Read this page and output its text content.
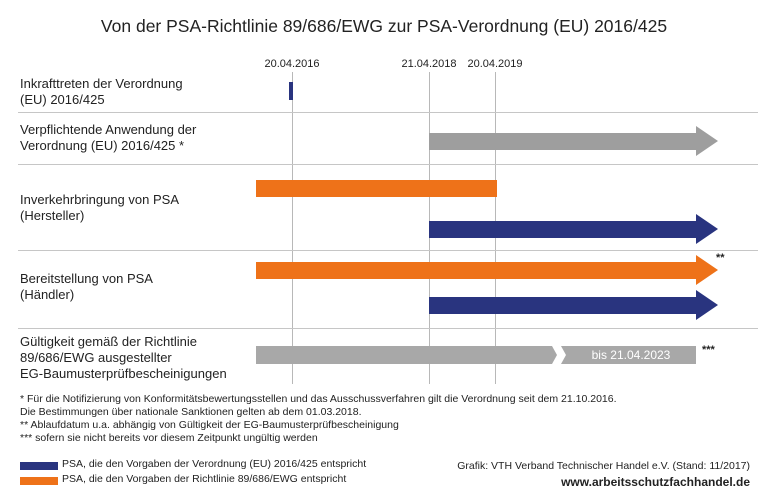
Von der PSA-Richtlinie 89/686/EWG zur PSA-Verordnung (EU) 2016/425
20.04.2016	21.04.2018 20.04.2019
Inkrafttreten der Verordnung
(EU) 2016/425
Verpflichtende Anwendung der
Verordnung (EU) 2016/425 *
Inverkehrbringung von PSA
(Hersteller)
Bereitstellung von PSA
(Händler)
**
Gültigkeit gemäß der Richtlinie
89/686/EWG ausgestellter
EG-Baumusterprüfbescheinigungen
bis 21.04.2023	***
* Für die Notifizierung von Konformitätsbewertungsstellen und das Ausschussverfahren gilt die Verordnung seit dem 21.10.2016.
Die Bestimmungen über nationale Sanktionen gelten ab dem 01.03.2018.
** Ablaufdatum u.a. abhängig von Gültigkeit der EG-Baumusterprüfbescheinigung
*** sofern sie nicht bereits vor diesem Zeitpunkt ungültig werden
PSA, die den Vorgaben der Verordnung (EU) 2016/425 entspricht
PSA, die den Vorgaben der Richtlinie 89/686/EWG entspricht
Grafik: VTH Verband Technischer Handel e.V. (Stand: 11/2017)
www.arbeitsschutzfachhandel.de
